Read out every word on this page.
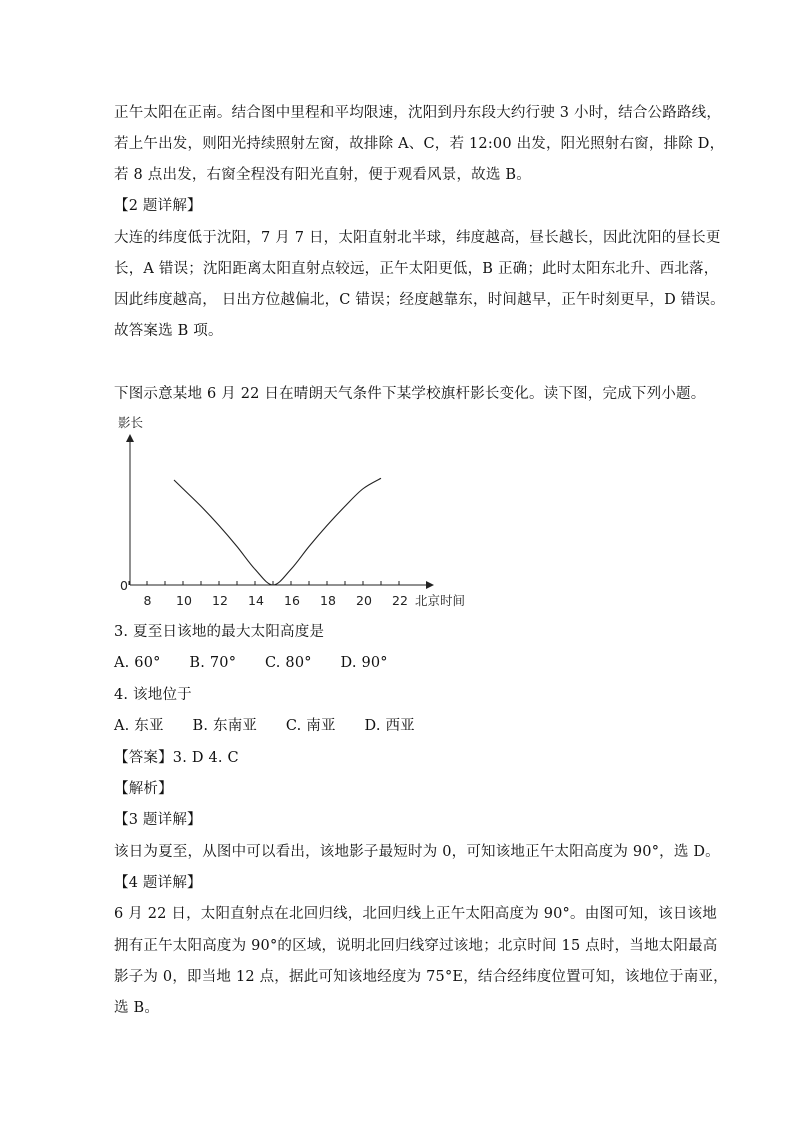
正午太阳在正南。结合图中里程和平均限速，沈阳到丹东段大约行驶 3 小时，结合公路路线，
若上午出发，则阳光持续照射左窗，故排除 A、C，若 12:00 出发，阳光照射右窗，排除 D，
若 8 点出发，右窗全程没有阳光直射，便于观看风景，故选 B。
【2 题详解】
大连的纬度低于沈阳，7 月 7 日，太阳直射北半球，纬度越高，昼长越长，因此沈阳的昼长更
长，A 错误；沈阳距离太阳直射点较远，正午太阳更低，B 正确；此时太阳东北升、西北落，
因此纬度越高， 日出方位越偏北，C 错误；经度越靠东，时间越早，正午时刻更早，D 错误。
故答案选 B 项。
下图示意某地 6 月 22 日在晴朗天气条件下某学校旗杆影长变化。读下图，完成下列小题。
影长
0
8 10 12 14 16 18 20 22 北京时间
3. 夏至日该地的最大太阳高度是
A. 60° B. 70° C. 80° D. 90°
4. 该地位于
A. 东亚 B. 东南亚 C. 南亚 D. 西亚
【答案】3. D 4. C
【解析】
【3 题详解】
该日为夏至，从图中可以看出，该地影子最短时为 0，可知该地正午太阳高度为 90°，选 D。
【4 题详解】
6 月 22 日，太阳直射点在北回归线，北回归线上正午太阳高度为 90°。由图可知，该日该地
拥有正午太阳高度为 90°的区域，说明北回归线穿过该地；北京时间 15 点时，当地太阳最高
影子为 0，即当地 12 点，据此可知该地经度为 75°E，结合经纬度位置可知，该地位于南亚，
选 B。
